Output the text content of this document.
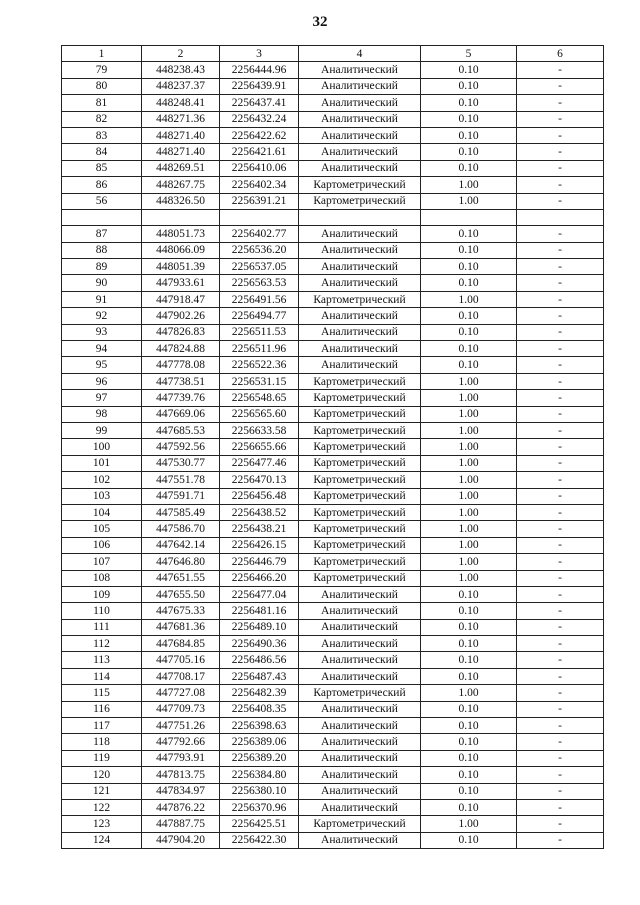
32
1	2	3	4	5	6
79	448238.43	2256444.96	Аналитический	0.10	-
80	448237.37	2256439.91	Аналитический	0.10	-
81	448248.41	2256437.41	Аналитический	0.10	-
82	448271.36	2256432.24	Аналитический	0.10	-
83	448271.40	2256422.62	Аналитический	0.10	-
84	448271.40	2256421.61	Аналитический	0.10	-
85	448269.51	2256410.06	Аналитический	0.10	-
86	448267.75	2256402.34	Картометрический	1.00	-
56	448326.50	2256391.21	Картометрический	1.00	-

87	448051.73	2256402.77	Аналитический	0.10	-
88	448066.09	2256536.20	Аналитический	0.10	-
89	448051.39	2256537.05	Аналитический	0.10	-
90	447933.61	2256563.53	Аналитический	0.10	-
91	447918.47	2256491.56	Картометрический	1.00	-
92	447902.26	2256494.77	Аналитический	0.10	-
93	447826.83	2256511.53	Аналитический	0.10	-
94	447824.88	2256511.96	Аналитический	0.10	-
95	447778.08	2256522.36	Аналитический	0.10	-
96	447738.51	2256531.15	Картометрический	1.00	-
97	447739.76	2256548.65	Картометрический	1.00	-
98	447669.06	2256565.60	Картометрический	1.00	-
99	447685.53	2256633.58	Картометрический	1.00	-
100	447592.56	2256655.66	Картометрический	1.00	-
101	447530.77	2256477.46	Картометрический	1.00	-
102	447551.78	2256470.13	Картометрический	1.00	-
103	447591.71	2256456.48	Картометрический	1.00	-
104	447585.49	2256438.52	Картометрический	1.00	-
105	447586.70	2256438.21	Картометрический	1.00	-
106	447642.14	2256426.15	Картометрический	1.00	-
107	447646.80	2256446.79	Картометрический	1.00	-
108	447651.55	2256466.20	Картометрический	1.00	-
109	447655.50	2256477.04	Аналитический	0.10	-
110	447675.33	2256481.16	Аналитический	0.10	-
111	447681.36	2256489.10	Аналитический	0.10	-
112	447684.85	2256490.36	Аналитический	0.10	-
113	447705.16	2256486.56	Аналитический	0.10	-
114	447708.17	2256487.43	Аналитический	0.10	-
115	447727.08	2256482.39	Картометрический	1.00	-
116	447709.73	2256408.35	Аналитический	0.10	-
117	447751.26	2256398.63	Аналитический	0.10	-
118	447792.66	2256389.06	Аналитический	0.10	-
119	447793.91	2256389.20	Аналитический	0.10	-
120	447813.75	2256384.80	Аналитический	0.10	-
121	447834.97	2256380.10	Аналитический	0.10	-
122	447876.22	2256370.96	Аналитический	0.10	-
123	447887.75	2256425.51	Картометрический	1.00	-
124	447904.20	2256422.30	Аналитический	0.10	-
